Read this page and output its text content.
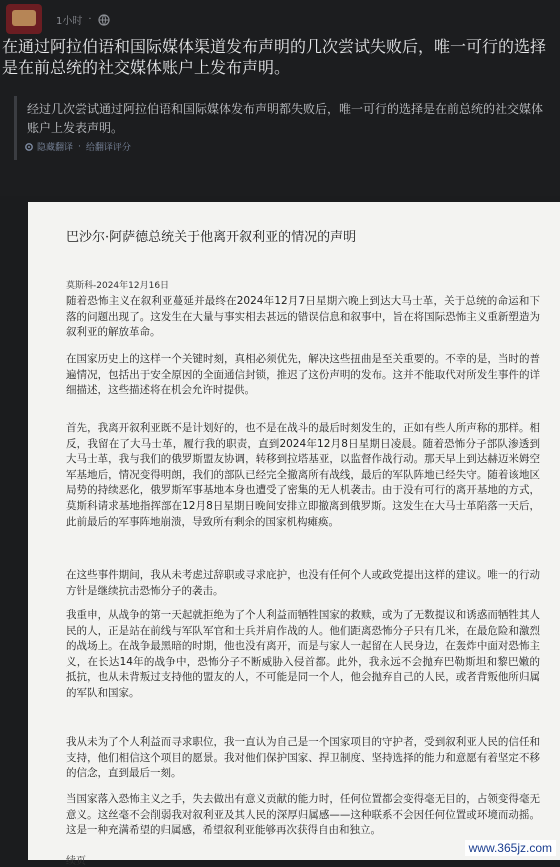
1小时 ·
在通过阿拉伯语和国际媒体渠道发布声明的几次尝试失败后，唯一可行的选择是在前总统的社交媒体账户上发布声明。
经过几次尝试通过阿拉伯语和国际媒体发布声明都失败后，唯一可行的选择是在前总统的社交媒体账户上发表声明。
隐藏翻译 · 给翻译评分
巴沙尔·阿萨德总统关于他离开叙利亚的情况的声明
莫斯科-2024年12月16日
随着恐怖主义在叙利亚蔓延并最终在2024年12月7日星期六晚上到达大马士革，关于总统的命运和下落的问题出现了。这发生在大量与事实相去甚远的错误信息和叙事中，旨在将国际恐怖主义重新塑造为叙利亚的解放革命。
在国家历史上的这样一个关键时刻，真相必须优先，解决这些扭曲是至关重要的。不幸的是，当时的普遍情况，包括出于安全原因的全面通信封锁，推迟了这份声明的发布。这并不能取代对所发生事件的详细描述，这些描述将在机会允许时提供。
首先，我离开叙利亚既不是计划好的，也不是在战斗的最后时刻发生的，正如有些人所声称的那样。相反，我留在了大马士革，履行我的职责，直到2024年12月8日星期日凌晨。随着恐怖分子部队渗透到大马士革，我与我们的俄罗斯盟友协调，转移到拉塔基亚，以监督作战行动。那天早上到达赫迈米姆空军基地后，情况变得明朗，我们的部队已经完全撤离所有战线，最后的军队阵地已经失守。随着该地区局势的持续恶化，俄罗斯军事基地本身也遭受了密集的无人机袭击。由于没有可行的离开基地的方式，莫斯科请求基地指挥部在12月8日星期日晚间安排立即撤离到俄罗斯。这发生在大马士革陷落一天后，此前最后的军事阵地崩溃，导致所有剩余的国家机构瘫痪。
在这些事件期间，我从未考虑过辞职或寻求庇护，也没有任何个人或政党提出这样的建议。唯一的行动方针是继续抗击恐怖分子的袭击。
我重申，从战争的第一天起就拒绝为了个人利益而牺牲国家的救赎，或为了无数提议和诱惑而牺牲其人民的人，正是站在前线与军队军官和士兵并肩作战的人。他们距离恐怖分子只有几米，在最危险和激烈的战场上。在战争最黑暗的时期，他也没有离开，而是与家人一起留在人民身边，在轰炸中面对恐怖主义，在长达14年的战争中，恐怖分子不断威胁入侵首都。此外，我永远不会抛弃巴勒斯坦和黎巴嫩的抵抗，也从未背叛过支持他的盟友的人，不可能是同一个人，他会抛弃自己的人民，或者背叛他所归属的军队和国家。
我从未为了个人利益而寻求职位，我一直认为自己是一个国家项目的守护者，受到叙利亚人民的信任和支持，他们相信这个项目的愿景。我对他们保护国家、捍卫制度、坚持选择的能力和意愿有着坚定不移的信念，直到最后一刻。
当国家落入恐怖主义之手，失去做出有意义贡献的能力时，任何位置都会变得毫无目的，占领变得毫无意义。这丝毫不会削弱我对叙利亚及其人民的深厚归属感——这种联系不会因任何位置或环境而动摇。这是一种充满希望的归属感，希望叙利亚能够再次获得自由和独立。
续页
www.365jz.com
